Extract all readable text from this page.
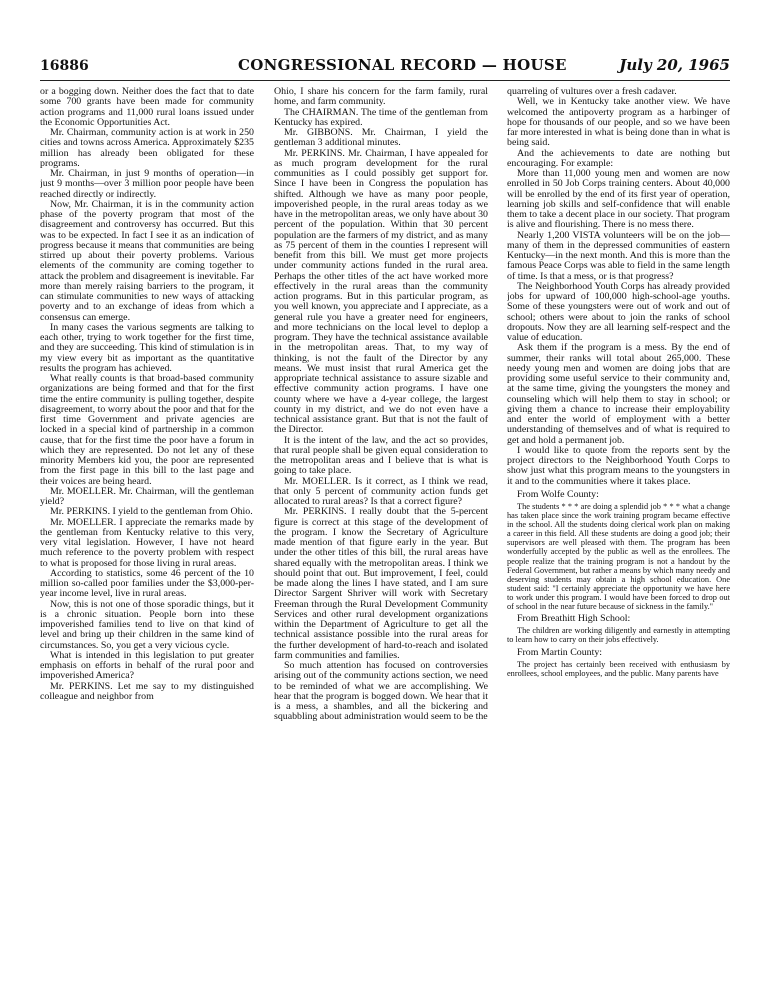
16886	CONGRESSIONAL RECORD — HOUSE	July 20, 1965

or a bogging down. Neither does the fact that to date some 700 grants have been made for community action programs and 11,000 rural loans issued under the Economic Opportunities Act.

Mr. Chairman, community action is at work in 250 cities and towns across America. Approximately $235 million has already been obligated for these programs.

Mr. Chairman, in just 9 months of operation—in just 9 months—over 3 million poor people have been reached directly or indirectly.

Now, Mr. Chairman, it is in the community action phase of the poverty program that most of the disagreement and controversy has occurred. But this was to be expected. In fact I see it as an indication of progress because it means that communities are being stirred up about their poverty problems. Various elements of the community are coming together to attack the problem and disagreement is inevitable. Far more than merely raising barriers to the program, it can stimulate communities to new ways of attacking poverty and to an exchange of ideas from which a consensus can emerge.

In many cases the various segments are talking to each other, trying to work together for the first time, and they are succeeding. This kind of stimulation is in my view every bit as important as the quantitative results the program has achieved.

What really counts is that broad-based community organizations are being formed and that for the first time the entire community is pulling together, despite disagreement, to worry about the poor and that for the first time Government and private agencies are locked in a special kind of partnership in a common cause, that for the first time the poor have a forum in which they are represented. Do not let any of these minority Members kid you, the poor are represented from the first page in this bill to the last page and their voices are being heard.

Mr. MOELLER. Mr. Chairman, will the gentleman yield?

Mr. PERKINS. I yield to the gentleman from Ohio.

Mr. MOELLER. I appreciate the remarks made by the gentleman from Kentucky relative to this very, very vital legislation. However, I have not heard much reference to the poverty problem with respect to what is proposed for those living in rural areas.

According to statistics, some 46 percent of the 10 million so-called poor families under the $3,000-per-year income level, live in rural areas.

Now, this is not one of those sporadic things, but it is a chronic situation. People born into these impoverished families tend to live on that kind of level and bring up their children in the same kind of circumstances. So, you get a very vicious cycle.

What is intended in this legislation to put greater emphasis on efforts in behalf of the rural poor and impoverished America?

Mr. PERKINS. Let me say to my distinguished colleague and neighbor from

Ohio, I share his concern for the farm family, rural home, and farm community.

The CHAIRMAN. The time of the gentleman from Kentucky has expired.

Mr. GIBBONS. Mr. Chairman, I yield the gentleman 3 additional minutes.

Mr. PERKINS. Mr. Chairman, I have appealed for as much program development for the rural communities as I could possibly get support for. Since I have been in Congress the population has shifted. Although we have as many poor people, impoverished people, in the rural areas today as we have in the metropolitan areas, we only have about 30 percent of the population. Within that 30 percent population are the farmers of my district, and as many as 75 percent of them in the counties I represent will benefit from this bill. We must get more projects under community actions funded in the rural area. Perhaps the other titles of the act have worked more effectively in the rural areas than the community action programs. But in this particular program, as you well known, you appreciate and I appreciate, as a general rule you have a greater need for engineers, and more technicians on the local level to deplop a program. They have the technical assistance available in the metropolitan areas. That, to my way of thinking, is not the fault of the Director by any means. We must insist that rural America get the appropriate technical assistance to assure sizable and effective community action programs. I have one county where we have a 4-year college, the largest county in my district, and we do not even have a technical assistance grant. But that is not the fault of the Director.

It is the intent of the law, and the act so provides, that rural people shall be given equal consideration to the metropolitan areas and I believe that is what is going to take place.

Mr. MOELLER. Is it correct, as I think we read, that only 5 percent of community action funds get allocated to rural areas? Is that a correct figure?

Mr. PERKINS. I really doubt that the 5-percent figure is correct at this stage of the development of the program. I know the Secretary of Agriculture made mention of that figure early in the year. But under the other titles of this bill, the rural areas have shared equally with the metropolitan areas. I think we should point that out. But improvement, I feel, could be made along the lines I have stated, and I am sure Director Sargent Shriver will work with Secretary Freeman through the Rural Development Community Services and other rural development organizations within the Department of Agriculture to get all the technical assistance possible into the rural areas for the further development of hard-to-reach and isolated farm communities and families.

So much attention has focused on controversies arising out of the community actions section, we need to be reminded of what we are accomplishing. We hear that the program is bogged down. We hear that it is a mess, a shambles, and all the bickering and squabbling about administration would seem to be the

quarreling of vultures over a fresh cadaver.

Well, we in Kentucky take another view. We have welcomed the antipoverty program as a harbinger of hope for thousands of our people, and so we have been far more interested in what is being done than in what is being said.

And the achievements to date are nothing but encouraging. For example:

More than 11,000 young men and women are now enrolled in 50 Job Corps training centers. About 40,000 will be enrolled by the end of its first year of operation, learning job skills and self-confidence that will enable them to take a decent place in our society. That program is alive and flourishing. There is no mess there.

Nearly 1,200 VISTA volunteers will be on the job—many of them in the depressed communities of eastern Kentucky—in the next month. And this is more than the famous Peace Corps was able to field in the same length of time. Is that a mess, or is that progress?

The Neighborhood Youth Corps has already provided jobs for upward of 100,000 high-school-age youths. Some of these youngsters were out of work and out of school; others were about to join the ranks of school dropouts. Now they are all learning self-respect and the value of education.

Ask them if the program is a mess. By the end of summer, their ranks will total about 265,000. These needy young men and women are doing jobs that are providing some useful service to their community and, at the same time, giving the youngsters the money and counseling which will help them to stay in school; or giving them a chance to increase their employability and enter the world of employment with a better understanding of themselves and of what is required to get and hold a permanent job.

I would like to quote from the reports sent by the project directors to the Neighborhood Youth Corps to show just what this program means to the youngsters in it and to the communities where it takes place.

From Wolfe County:

The students * * * are doing a splendid job * * * what a change has taken place since the work training program became effective in the school. All the students doing clerical work plan on making a career in this field. All these students are doing a good job; their supervisors are well pleased with them. The program has been wonderfully accepted by the public as well as the enrollees. The people realize that the training program is not a handout by the Federal Government, but rather a means by which many needy and deserving students may obtain a high school education. One student said: "I certainly appreciate the opportunity we have here to work under this program. I would have been forced to drop out of school in the near future because of sickness in the family."

From Breathitt High School:

The children are working diligently and earnestly in attempting to learn how to carry on their jobs effectively.

From Martin County:

The project has certainly been received with enthusiasm by enrollees, school employees, and the public. Many parents have
